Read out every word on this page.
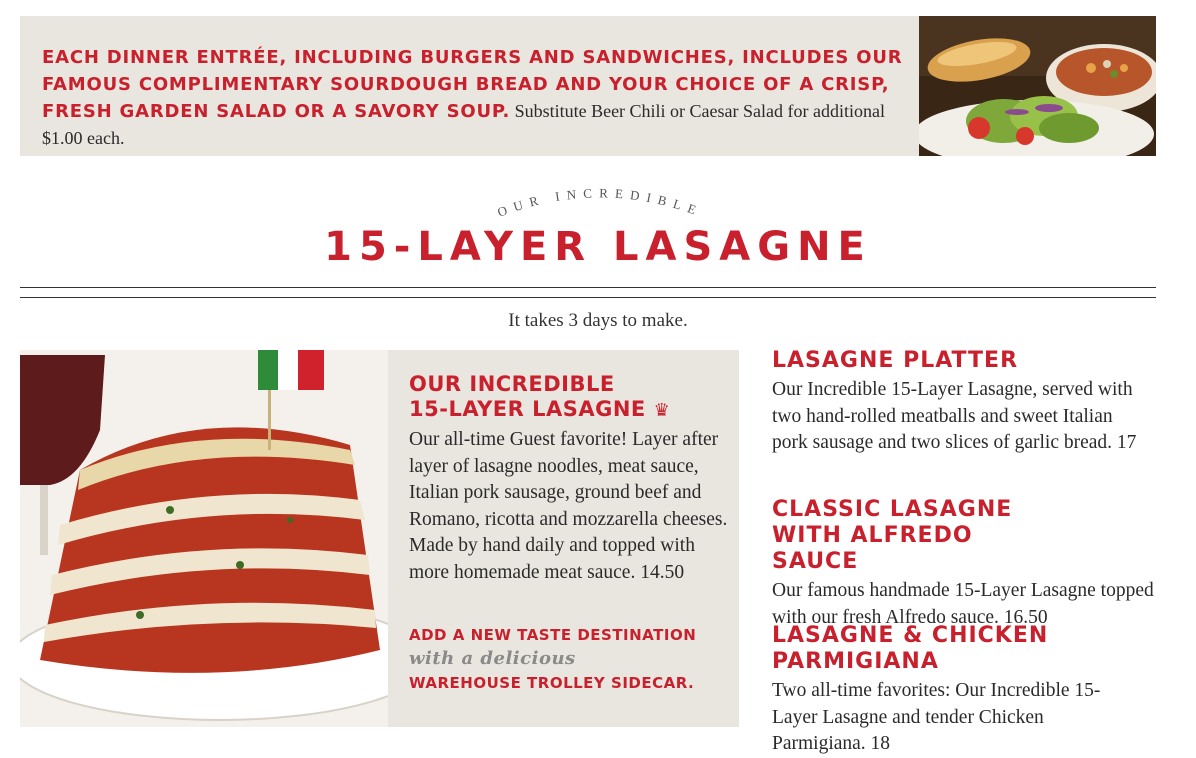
EACH DINNER ENTRÉE, INCLUDING BURGERS AND SANDWICHES, INCLUDES OUR FAMOUS COMPLIMENTARY SOURDOUGH BREAD AND YOUR CHOICE OF A CRISP, FRESH GARDEN SALAD OR A SAVORY SOUP. Substitute Beer Chili or Caesar Salad for additional $1.00 each.
OUR INCREDIBLE
15-LAYER LASAGNE
It takes 3 days to make.
OUR INCREDIBLE
15-LAYER LASAGNE ♛
Our all-time Guest favorite! Layer after layer of lasagne noodles, meat sauce, Italian pork sausage, ground beef and Romano, ricotta and mozzarella cheeses. Made by hand daily and topped with more homemade meat sauce. 14.50
ADD A NEW TASTE DESTINATION
with a delicious
WAREHOUSE TROLLEY SIDECAR.
LASAGNE PLATTER
Our Incredible 15-Layer Lasagne, served with two hand-rolled meatballs and sweet Italian pork sausage and two slices of garlic bread. 17
CLASSIC LASAGNE WITH ALFREDO SAUCE
Our famous handmade 15-Layer Lasagne topped with our fresh Alfredo sauce. 16.50
LASAGNE & CHICKEN PARMIGIANA
Two all-time favorites: Our Incredible 15-Layer Lasagne and tender Chicken Parmigiana. 18
